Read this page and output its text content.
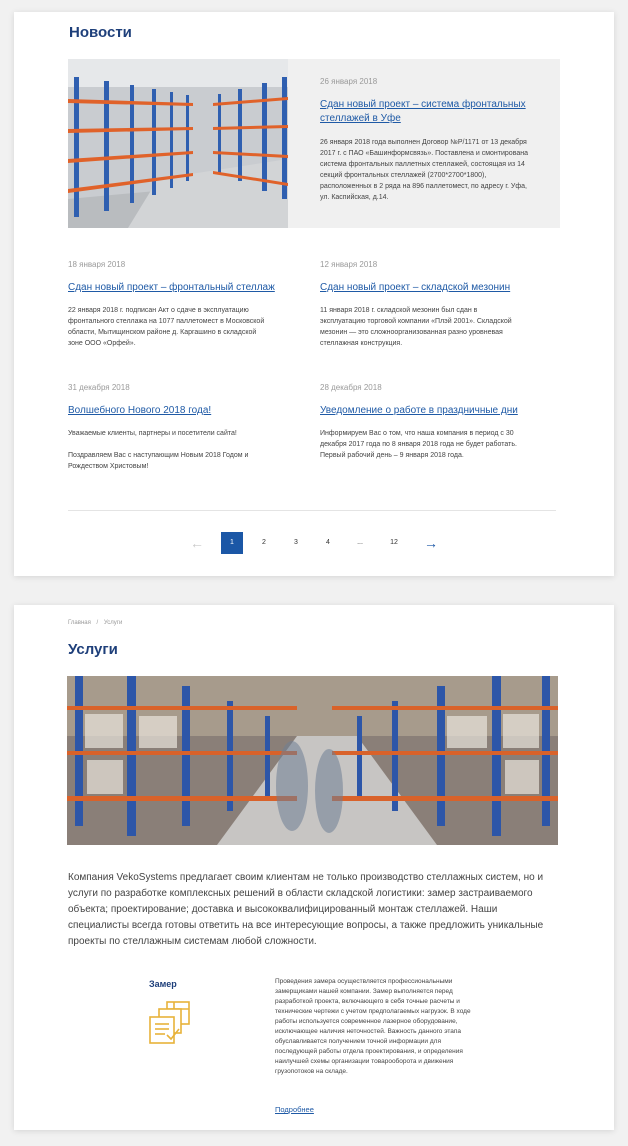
Новости
26 января 2018
Сдан новый проект – система фронтальных стеллажей в Уфе
26 января 2018 года выполнен Договор №Р/1171 от 13 декабря 2017 г. с ПАО «Башинформсвязь». Поставлена и смонтирована система фронтальных паллетных стеллажей, состоящая из 14 секций фронтальных стеллажей (2700*2700*1800), расположенных в 2 ряда на 896 паллетомест, по адресу г. Уфа, ул. Каспийская, д.14.
18 января 2018
Сдан новый проект – фронтальный стеллаж
22 января 2018 г. подписан Акт о сдаче в эксплуатацию фронтального стеллажа на 1077 паллетомест в Московской области, Мытищинском районе д. Каргашино в складской зоне ООО «Орфей».
12 января 2018
Сдан новый проект – складской мезонин
11 января 2018 г. складской мезонин был сдан в эксплуатацию торговой компании «Плэй 2001». Складской мезонин — это сложноорганизованная разно уровневая стеллажная конструкция.
31 декабря 2018
Волшебного Нового 2018 года!
Уважаемые клиенты, партнеры и посетители сайта!

Поздравляем Вас с наступающим Новым 2018 Годом и Рождеством Христовым!
28 декабря 2018
Уведомление о работе в праздничные дни
Информируем Вас о том, что наша компания в период с 30 декабря 2017 года по 8 января 2018 года не будет работать. Первый рабочий день – 9 января 2018 года.
←	1	2	3	4	...	12	→
Главная / Услуги
Услуги

Компания VekoSystems предлагает своим клиентам не только производство стеллажных систем, но и услуги по разработке комплексных решений в области складской логистики: замер застраиваемого объекта; проектирование; доставка и высококвалифицированный монтаж стеллажей. Наши специалисты всегда готовы ответить на все интересующие вопросы, а также предложить уникальные проекты по стеллажным системам любой сложности.

Замер	Проведения замера осуществляется профессиональными замерщиками нашей компании. Замер выполняется перед разработкой проекта, включающего в себя точные расчеты и технические чертежи с учетом предполагаемых нагрузок. В ходе работы используется современное лазерное оборудование, исключающее наличия неточностей. Важность данного этапа обуславливается получением точной информации для последующей работы отдела проектирования, и определения наилучшей схемы организации товарооборота и движения грузопотоков на складе.
Подробнее
